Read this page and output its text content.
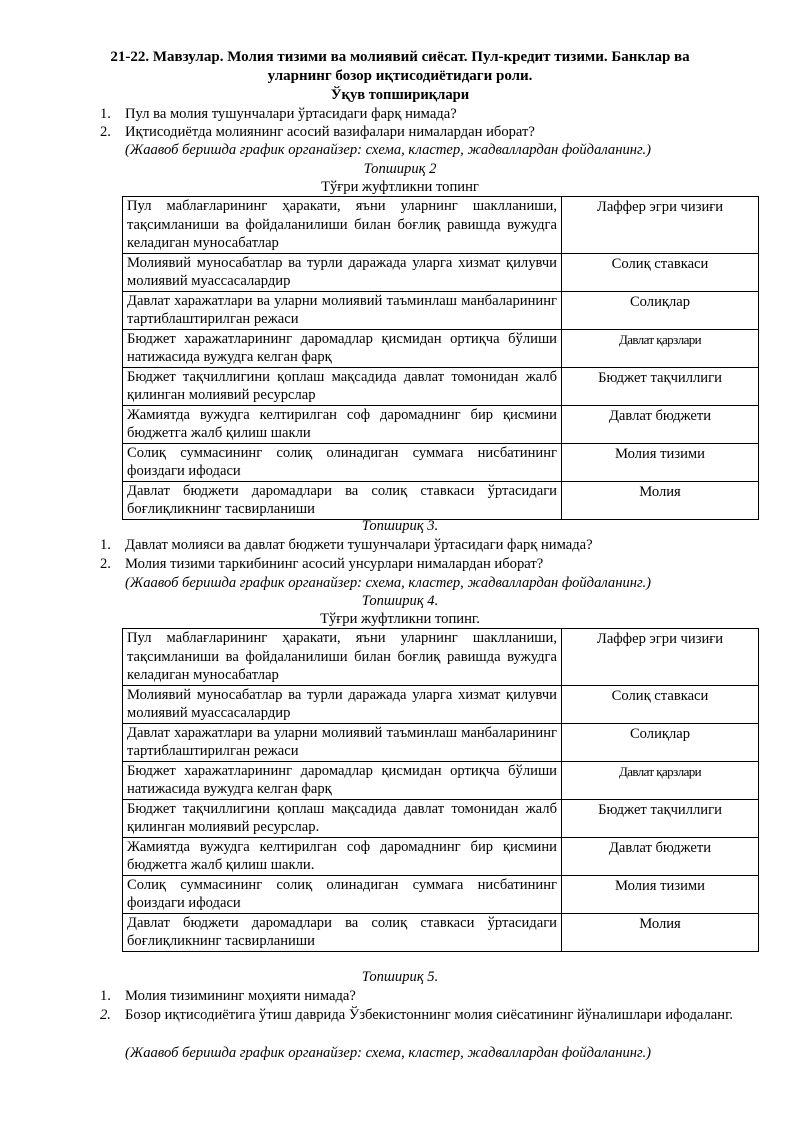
21-22. Мавзулар. Молия тизими ва молиявий сиёсат. Пул-кредит тизими. Банклар ва
уларнинг бозор иқтисодиётидаги роли.
Ўқув топшириқлари
1. Пул ва молия тушунчалари ўртасидаги фарқ нимада?
2. Иқтисодиётда молиянинг асосий вазифалари нималардан иборат?
(Жаавоб беришда график органайзер: схема, кластер, жадваллардан фойдаланинг.)
Топшириқ 2
Тўғри жуфтликни топинг
Пул маблағларининг ҳаракати, яъни уларнинг шаклланиши, тақсимланиши ва фойдаланилиши билан боғлиқ равишда вужудга келадиган муносабатлар	Лаффер эгри чизиғи
Молиявий муносабатлар ва турли даражада уларга хизмат қилувчи молиявий муассасалардир	Солиқ ставкаси
Давлат харажатлари ва уларни молиявий таъминлаш манбаларининг тартиблаштирилган режаси	Солиқлар
Бюджет харажатларининг даромадлар қисмидан ортиқча бўлиши натижасида вужудга келган фарқ	Давлат қарзлари
Бюджет тақчиллигини қоплаш мақсадида давлат томонидан жалб қилинган молиявий ресурслар	Бюджет тақчиллиги
Жамиятда вужудга келтирилган соф даромаднинг бир қисмини бюджетга жалб қилиш шакли	Давлат бюджети
Солиқ суммасининг солиқ олинадиган суммага нисбатининг фоиздаги ифодаси	Молия тизими
Давлат бюджети даромадлари ва солиқ ставкаси ўртасидаги боғлиқликнинг тасвирланиши	Молия
Топшириқ 3.
1. Давлат молияси ва давлат бюджети тушунчалари ўртасидаги фарқ нимада?
2. Молия тизими таркибининг асосий унсурлари нималардан иборат?
(Жаавоб беришда график органайзер: схема, кластер, жадваллардан фойдаланинг.)
Топшириқ 4.
Тўғри жуфтликни топинг.
Пул маблағларининг ҳаракати, яъни уларнинг шаклланиши, тақсимланиши ва фойдаланилиши билан боғлиқ равишда вужудга келадиган муносабатлар	Лаффер эгри чизиғи
Молиявий муносабатлар ва турли даражада уларга хизмат қилувчи молиявий муассасалардир	Солиқ ставкаси
Давлат харажатлари ва уларни молиявий таъминлаш манбаларининг тартиблаштирилган режаси	Солиқлар
Бюджет харажатларининг даромадлар қисмидан ортиқча бўлиши натижасида вужудга келган фарқ	Давлат қарзлари
Бюджет тақчиллигини қоплаш мақсадида давлат томонидан жалб қилинган молиявий ресурслар.	Бюджет тақчиллиги
Жамиятда вужудга келтирилган соф даромаднинг бир қисмини бюджетга жалб қилиш шакли.	Давлат бюджети
Солиқ суммасининг солиқ олинадиган суммага нисбатининг фоиздаги ифодаси	Молия тизими
Давлат бюджети даромадлари ва солиқ ставкаси ўртасидаги боғлиқликнинг тасвирланиши	Молия
Топшириқ 5.
1. Молия тизимининг моҳияти нимада?
2. Бозор иқтисодиётига ўтиш даврида Ўзбекистоннинг молия сиёсатининг йўналишлари ифодаланг.
(Жаавоб беришда график органайзер: схема, кластер, жадваллардан фойдаланинг.)
